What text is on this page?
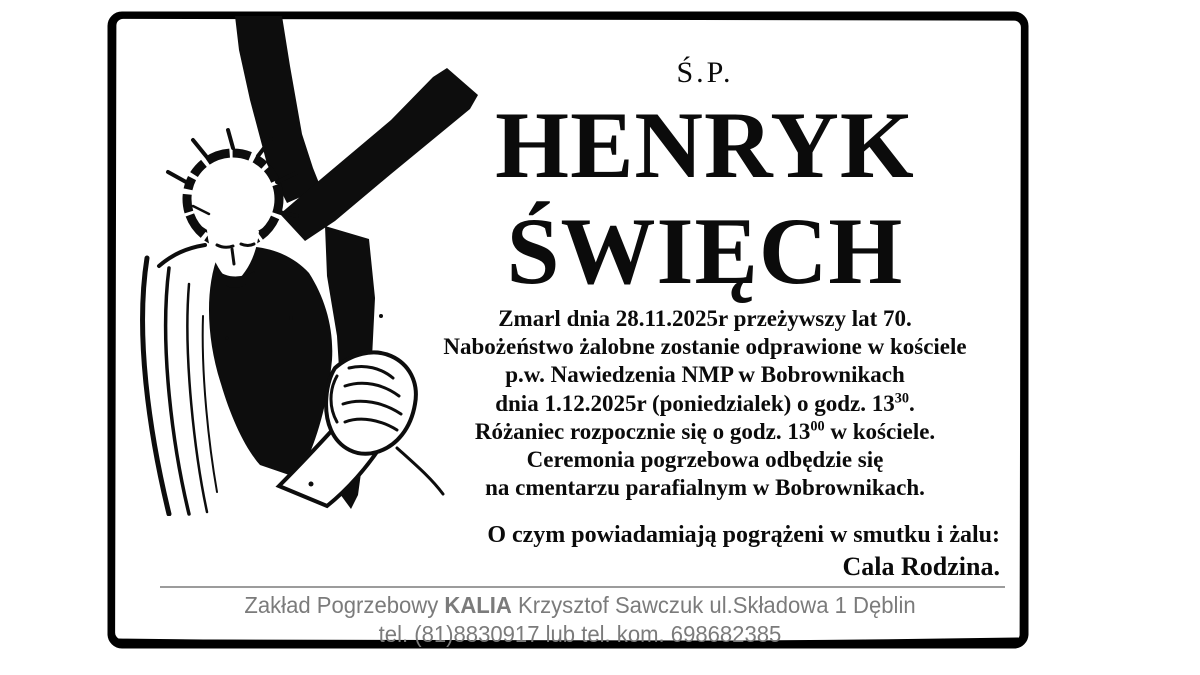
Ś.P.
HENRYK
ŚWIĘCH
Zmarl dnia 28.11.2025r przeżywszy lat 70.
Nabożeństwo żalobne zostanie odprawione w kościele
p.w. Nawiedzenia NMP w Bobrownikach
dnia 1.12.2025r (poniedzialek) o godz. $13^{30}$.
Różaniec rozpocznie się o godz. $13^{00}$ w kościele.
Ceremonia pogrzebowa odbędzie się
na cmentarzu parafialnym w Bobrownikach.
O czym powiadamiają pogrążeni w smutku i żalu:
Cala Rodzina.
Zakład Pogrzebowy KALIA Krzysztof Sawczuk ul.Składowa 1 Dęblin
tel. (81)8830917 lub tel. kom. 698682385
